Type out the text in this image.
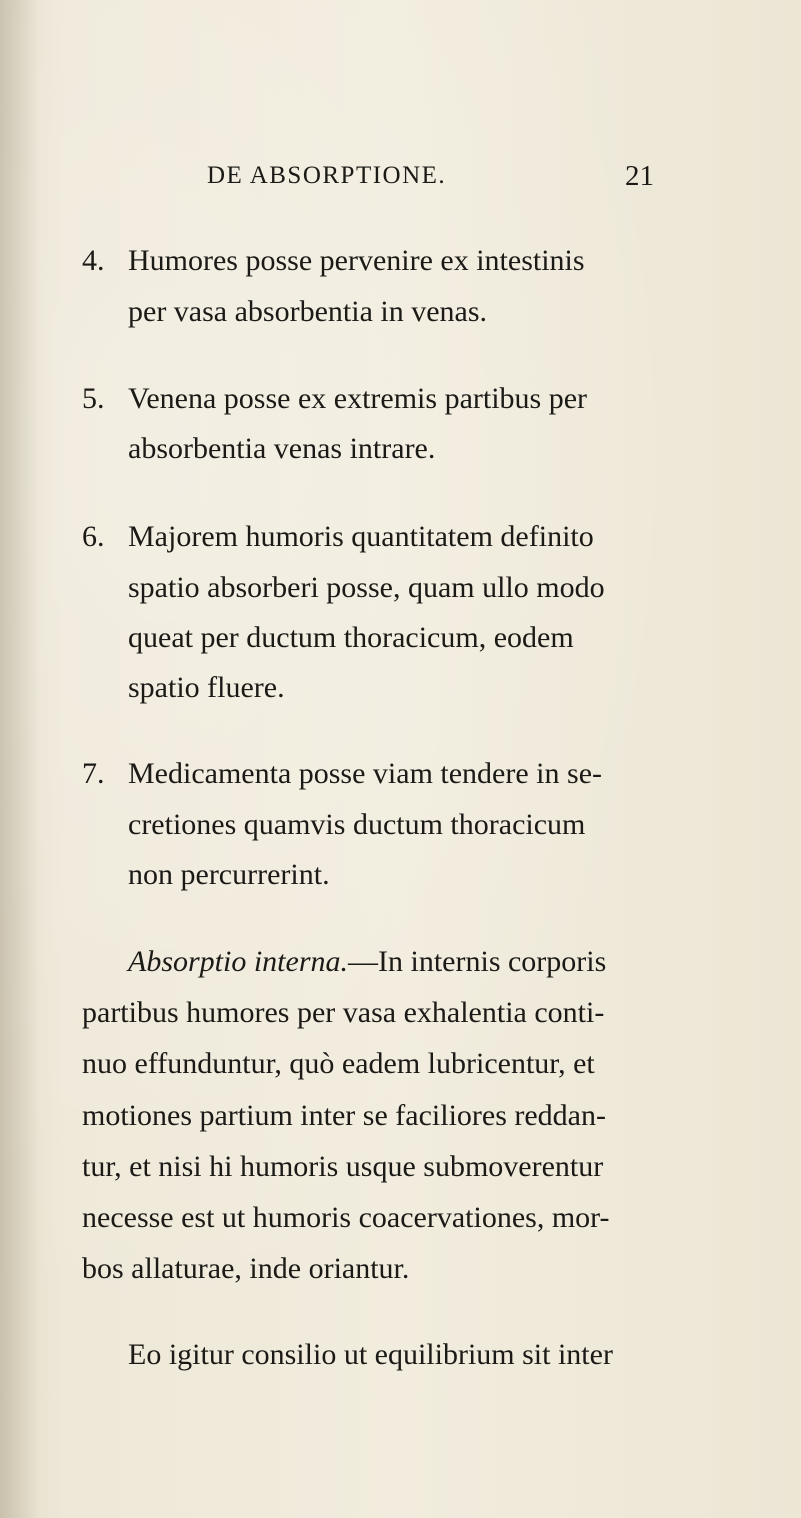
DE ABSORPTIONE.	21
4. Humores posse pervenire ex intestinis
per vasa absorbentia in venas.
5. Venena posse ex extremis partibus per
absorbentia venas intrare.
6. Majorem humoris quantitatem definito
spatio absorberi posse, quam ullo modo
queat per ductum thoracicum, eodem
spatio fluere.
7. Medicamenta posse viam tendere in se-
cretiones quamvis ductum thoracicum
non percurrerint.
Absorptio interna.—In internis corporis
partibus humores per vasa exhalentia conti-
nuo effunduntur, quò eadem lubricentur, et
motiones partium inter se faciliores reddan-
tur, et nisi hi humoris usque submoverentur
necesse est ut humoris coacervationes, mor-
bos allaturae, inde oriantur.
Eo igitur consilio ut equilibrium sit inter
